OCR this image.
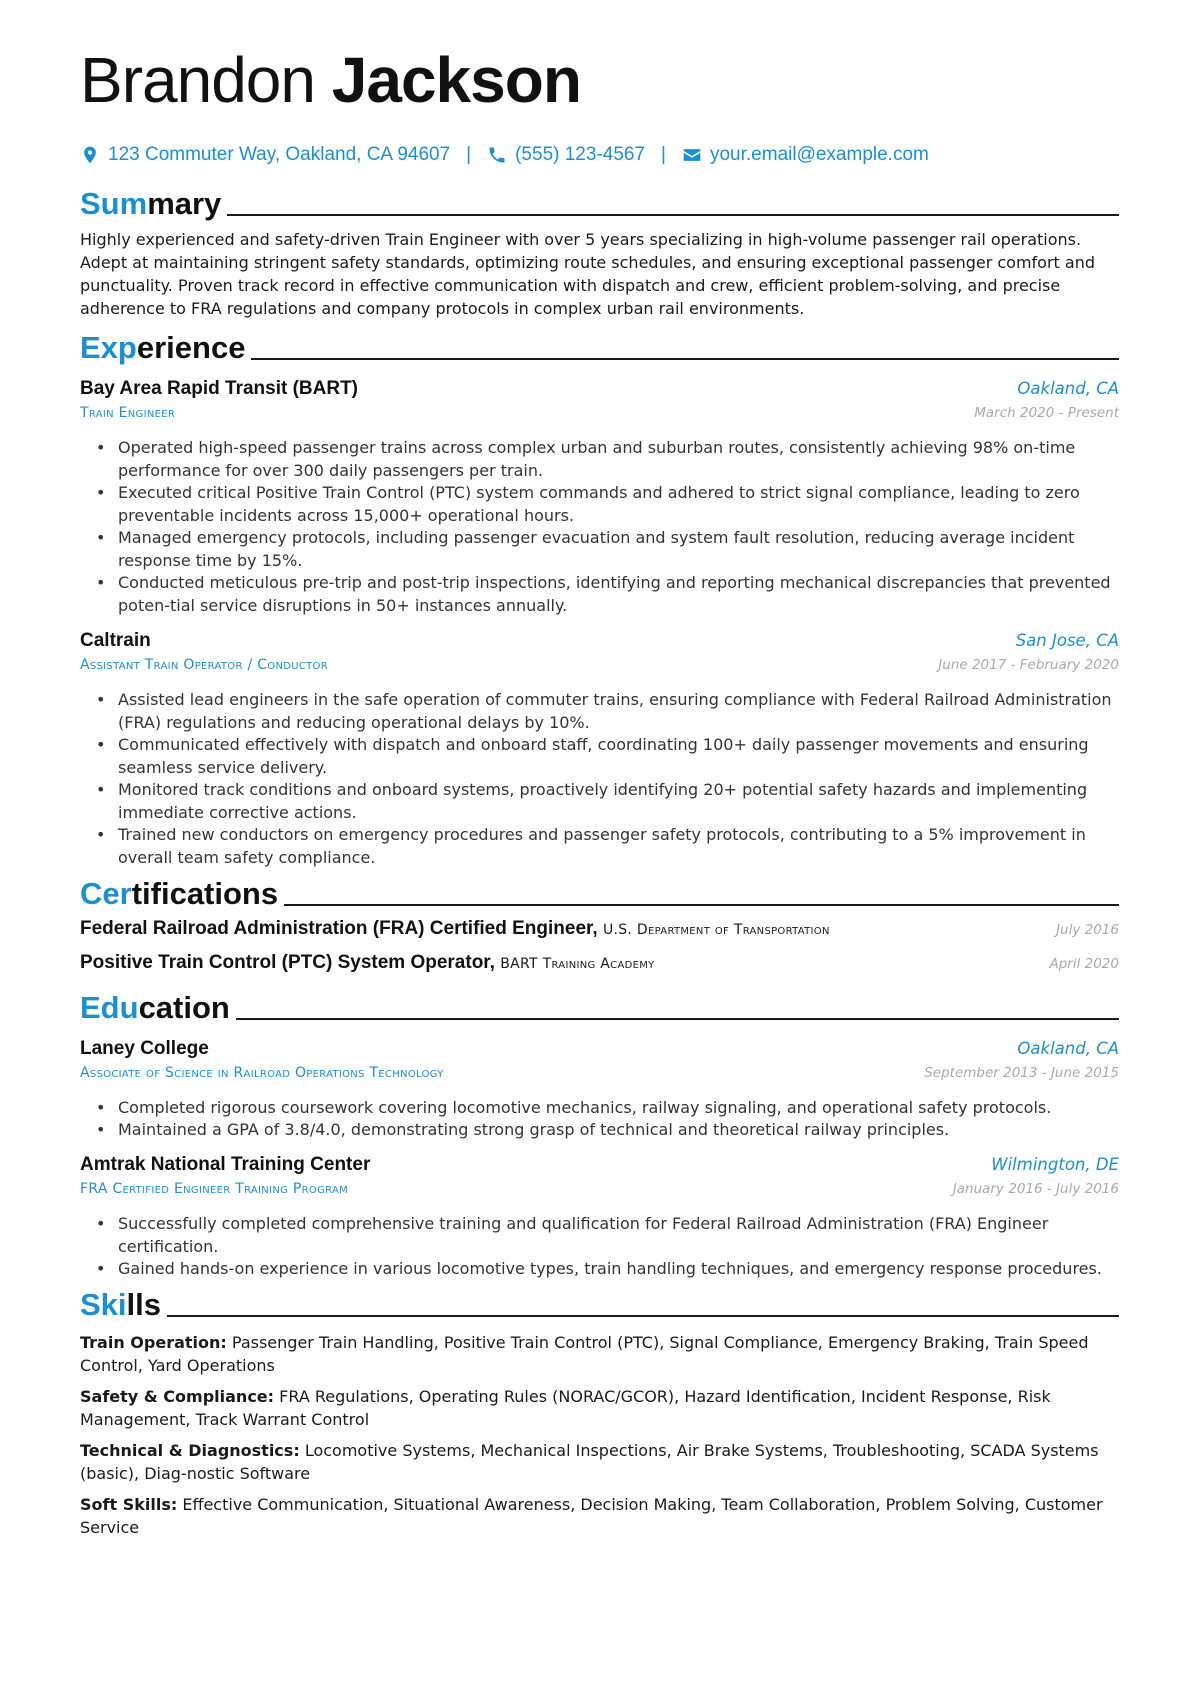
Brandon Jackson
123 Commuter Way, Oakland, CA 94607 | (555) 123-4567 | your.email@example.com
Summary
Highly experienced and safety-driven Train Engineer with over 5 years specializing in high-volume passenger rail operations. Adept at maintaining stringent safety standards, optimizing route schedules, and ensuring exceptional passenger comfort and punctuality. Proven track record in effective communication with dispatch and crew, efficient problem-solving, and precise adherence to FRA regulations and company protocols in complex urban rail environments.
Experience
Bay Area Rapid Transit (BART)	Oakland, CA
Train Engineer	March 2020 - Present
• Operated high-speed passenger trains across complex urban and suburban routes, consistently achieving 98% on-time performance for over 300 daily passengers per train.
• Executed critical Positive Train Control (PTC) system commands and adhered to strict signal compliance, leading to zero preventable incidents across 15,000+ operational hours.
• Managed emergency protocols, including passenger evacuation and system fault resolution, reducing average incident response time by 15%.
• Conducted meticulous pre-trip and post-trip inspections, identifying and reporting mechanical discrepancies that prevented poten-tial service disruptions in 50+ instances annually.
Caltrain	San Jose, CA
Assistant Train Operator / Conductor	June 2017 - February 2020
• Assisted lead engineers in the safe operation of commuter trains, ensuring compliance with Federal Railroad Administration (FRA) regulations and reducing operational delays by 10%.
• Communicated effectively with dispatch and onboard staff, coordinating 100+ daily passenger movements and ensuring seamless service delivery.
• Monitored track conditions and onboard systems, proactively identifying 20+ potential safety hazards and implementing immediate corrective actions.
• Trained new conductors on emergency procedures and passenger safety protocols, contributing to a 5% improvement in overall team safety compliance.
Certifications
Federal Railroad Administration (FRA) Certified Engineer, U.S. Department of Transportation	July 2016
Positive Train Control (PTC) System Operator, BART Training Academy	April 2020
Education
Laney College	Oakland, CA
Associate of Science in Railroad Operations Technology	September 2013 - June 2015
• Completed rigorous coursework covering locomotive mechanics, railway signaling, and operational safety protocols.
• Maintained a GPA of 3.8/4.0, demonstrating strong grasp of technical and theoretical railway principles.
Amtrak National Training Center	Wilmington, DE
FRA Certified Engineer Training Program	January 2016 - July 2016
• Successfully completed comprehensive training and qualification for Federal Railroad Administration (FRA) Engineer certification.
• Gained hands-on experience in various locomotive types, train handling techniques, and emergency response procedures.
Skills
Train Operation: Passenger Train Handling, Positive Train Control (PTC), Signal Compliance, Emergency Braking, Train Speed Control, Yard Operations
Safety & Compliance: FRA Regulations, Operating Rules (NORAC/GCOR), Hazard Identification, Incident Response, Risk Management, Track Warrant Control
Technical & Diagnostics: Locomotive Systems, Mechanical Inspections, Air Brake Systems, Troubleshooting, SCADA Systems (basic), Diag-nostic Software
Soft Skills: Effective Communication, Situational Awareness, Decision Making, Team Collaboration, Problem Solving, Customer Service
